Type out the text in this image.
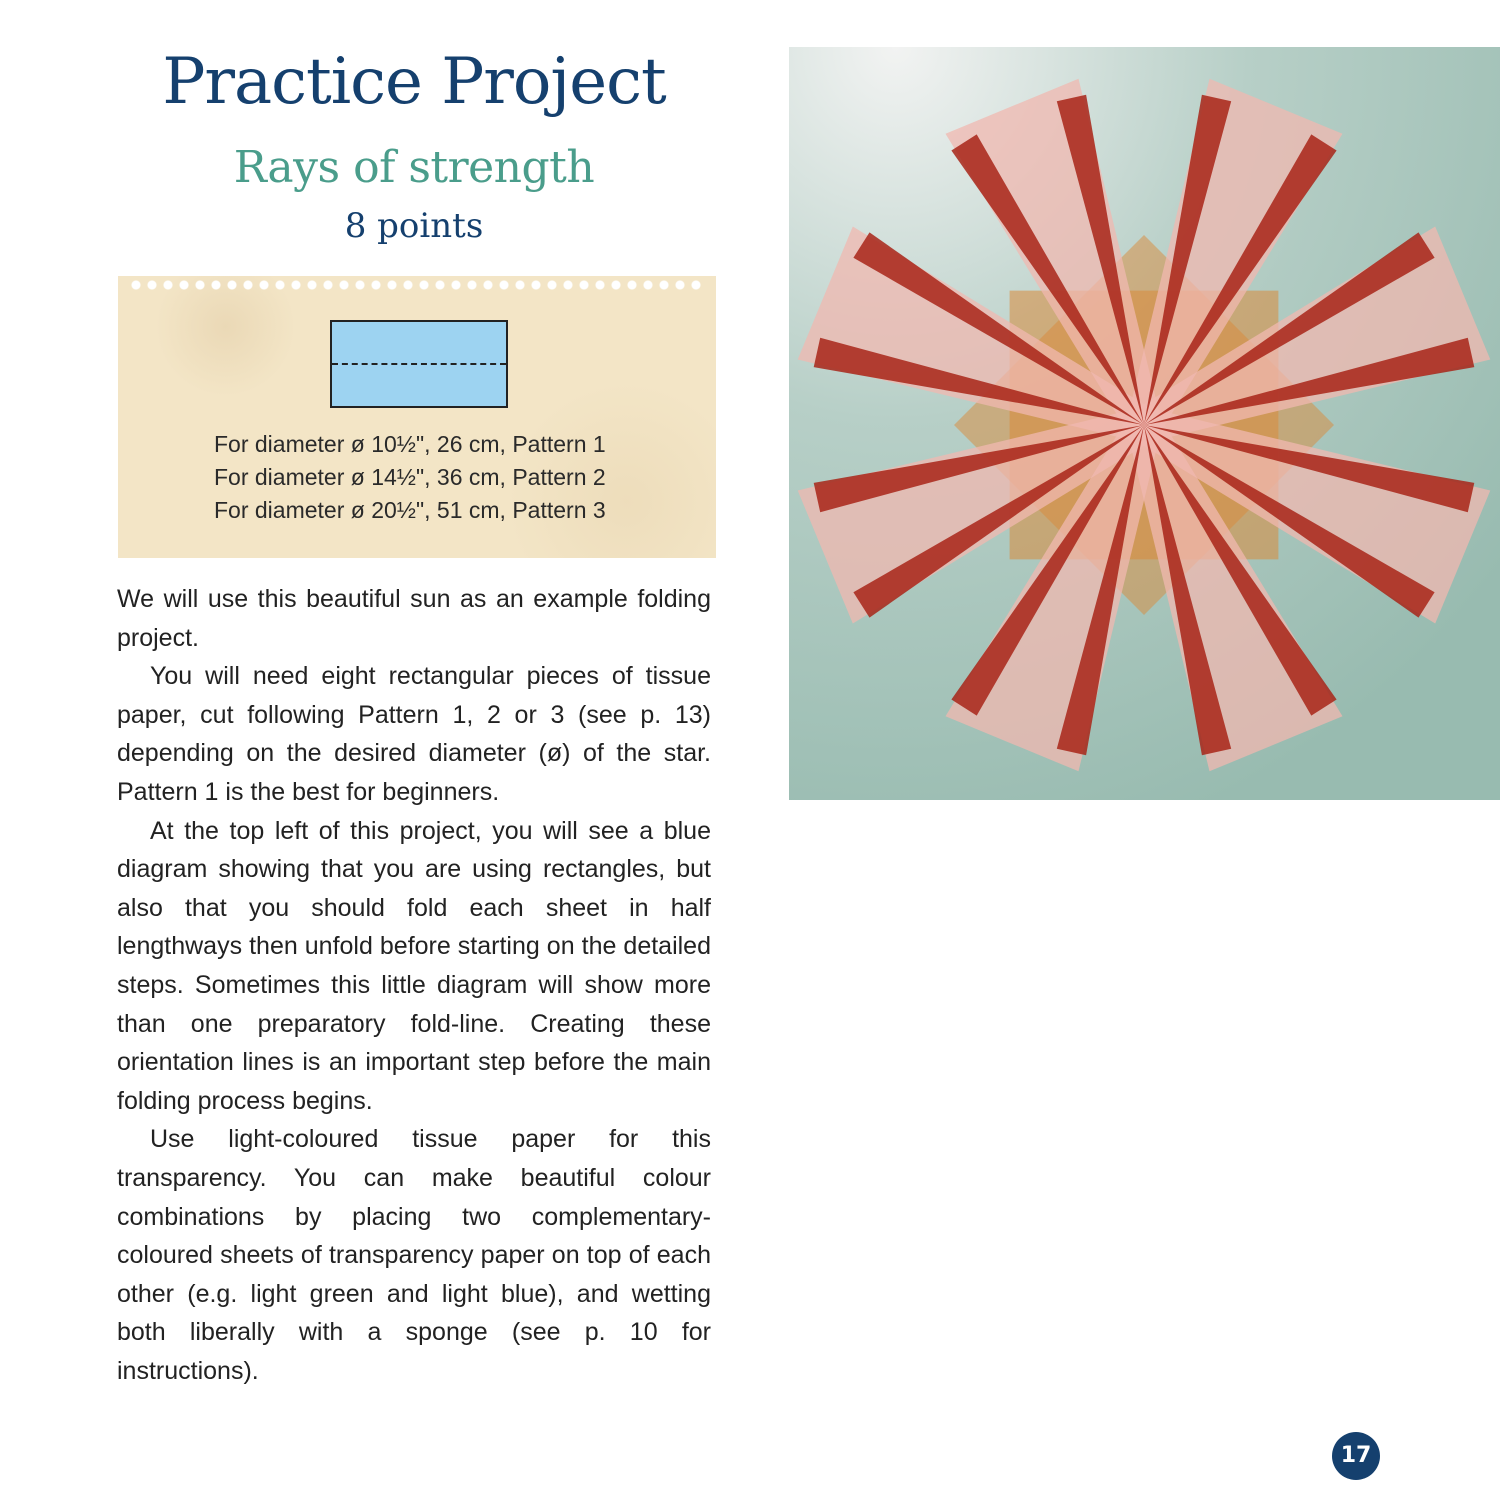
Practice Project
Rays of strength
8 points
For diameter ø 10½", 26 cm, Pattern 1
For diameter ø 14½", 36 cm, Pattern 2
For diameter ø 20½", 51 cm, Pattern 3

We will use this beautiful sun as an example folding project.

You will need eight rectangular pieces of tissue paper, cut following Pattern 1, 2 or 3 (see p. 13) depending on the desired diameter (ø) of the star. Pattern 1 is the best for beginners.

At the top left of this project, you will see a blue diagram showing that you are using rectangles, but also that you should fold each sheet in half lengthways then unfold before starting on the detailed steps. Sometimes this little diagram will show more than one preparatory fold-line. Creating these orientation lines is an important step before the main folding process begins.

Use light-coloured tissue paper for this transparency. You can make beautiful colour combinations by placing two complementary-coloured sheets of transparency paper on top of each other (e.g. light green and light blue), and wetting both liberally with a sponge (see p. 10 for instructions).

17
